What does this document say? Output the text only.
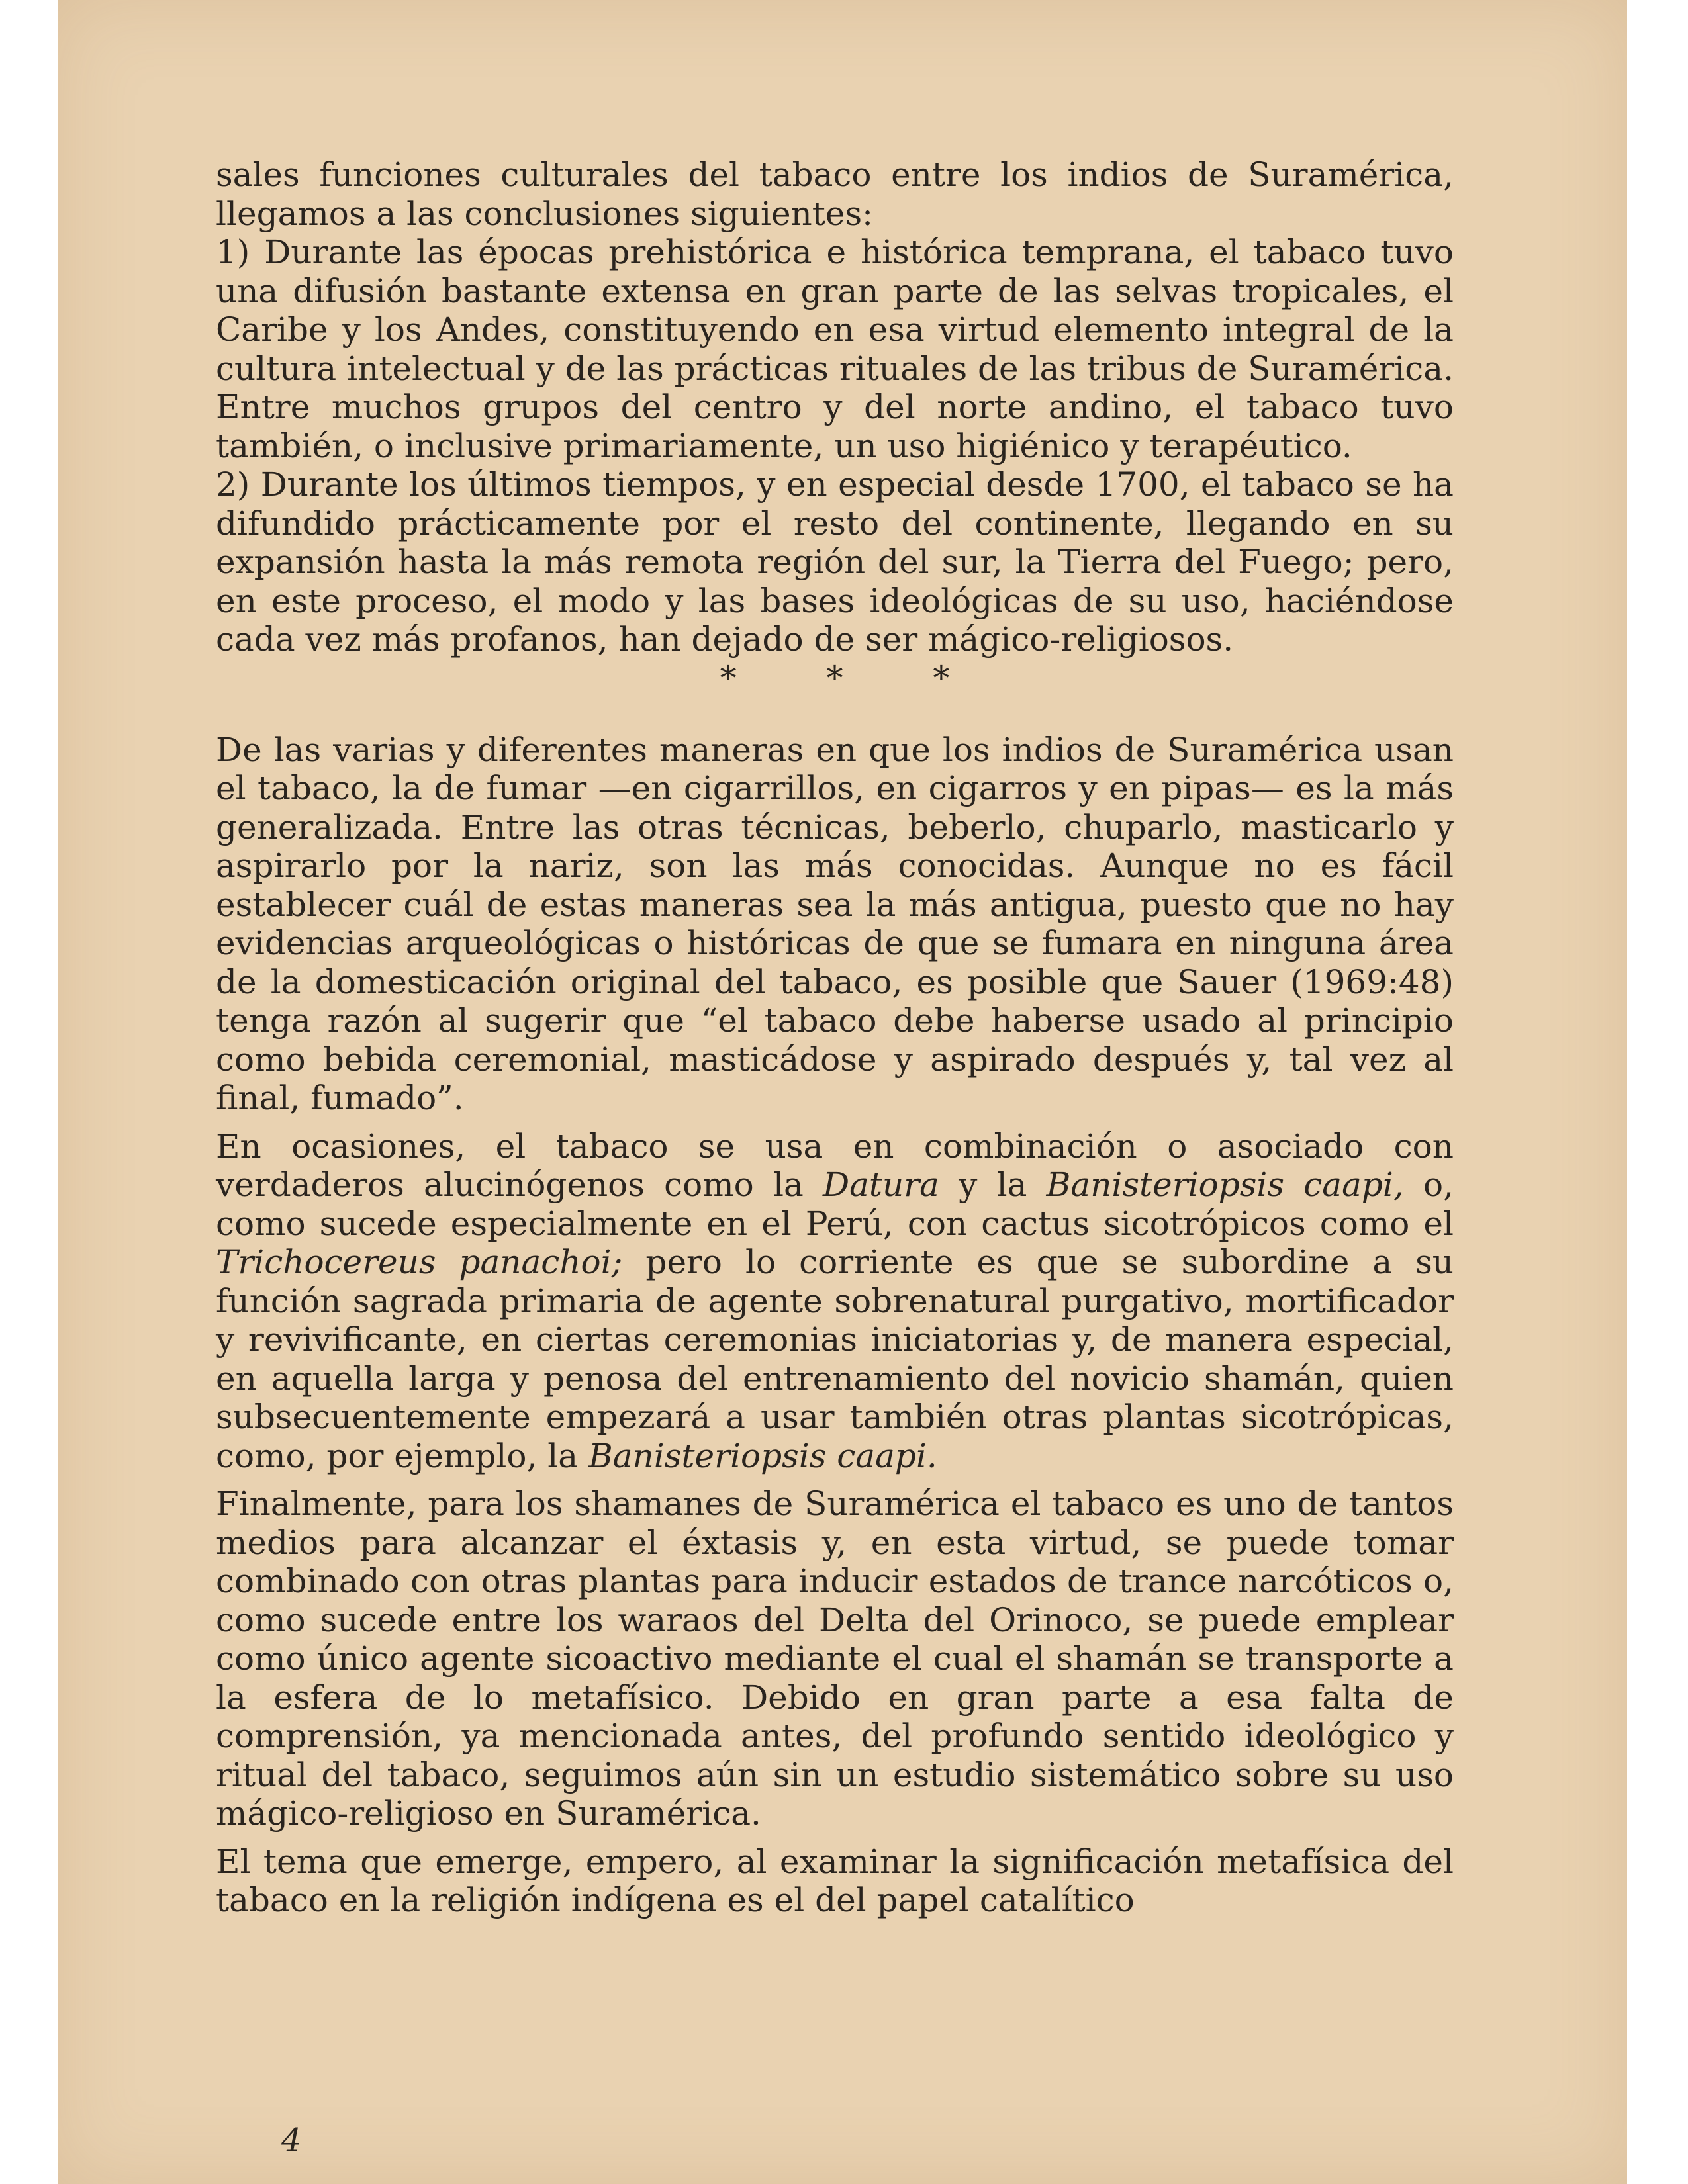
sales funciones culturales del tabaco entre los indios de Suramérica, llegamos a las conclusiones siguientes:

1) Durante las épocas prehistórica e histórica temprana, el tabaco tuvo una difusión bastante extensa en gran parte de las selvas tropicales, el Caribe y los Andes, constituyendo en esa virtud elemento integral de la cultura intelectual y de las prácticas rituales de las tribus de Suramérica. Entre muchos grupos del centro y del norte andino, el tabaco tuvo también, o inclusive primariamente, un uso higiénico y terapéutico.

2) Durante los últimos tiempos, y en especial desde 1700, el tabaco se ha difundido prácticamente por el resto del continente, llegando en su expansión hasta la más remota región del sur, la Tierra del Fuego; pero, en este proceso, el modo y las bases ideológicas de su uso, haciéndose cada vez más profanos, han dejado de ser mágico-religiosos.

* * *

De las varias y diferentes maneras en que los indios de Suramérica usan el tabaco, la de fumar —en cigarrillos, en cigarros y en pipas— es la más generalizada. Entre las otras técnicas, beberlo, chuparlo, masticarlo y aspirarlo por la nariz, son las más conocidas. Aunque no es fácil establecer cuál de estas maneras sea la más antigua, puesto que no hay evidencias arqueológicas o históricas de que se fumara en ninguna área de la domesticación original del tabaco, es posible que Sauer (1969:48) tenga razón al sugerir que “el tabaco debe haberse usado al principio como bebida ceremonial, masticádose y aspirado después y, tal vez al final, fumado”.

En ocasiones, el tabaco se usa en combinación o asociado con verdaderos alucinógenos como la Datura y la Banisteriopsis caapi, o, como sucede especialmente en el Perú, con cactus sicotrópicos como el Trichocereus panachoi; pero lo corriente es que se subordine a su función sagrada primaria de agente sobrenatural purgativo, mortificador y revivificante, en ciertas ceremonias iniciatorias y, de manera especial, en aquella larga y penosa del entrenamiento del novicio shamán, quien subsecuentemente empezará a usar también otras plantas sicotrópicas, como, por ejemplo, la Banisteriopsis caapi.

Finalmente, para los shamanes de Suramérica el tabaco es uno de tantos medios para alcanzar el éxtasis y, en esta virtud, se puede tomar combinado con otras plantas para inducir estados de trance narcóticos o, como sucede entre los waraos del Delta del Orinoco, se puede emplear como único agente sicoactivo mediante el cual el shamán se transporte a la esfera de lo metafísico. Debido en gran parte a esa falta de comprensión, ya mencionada antes, del profundo sentido ideológico y ritual del tabaco, seguimos aún sin un estudio sistemático sobre su uso mágico-religioso en Suramérica.

El tema que emerge, empero, al examinar la significación metafísica del tabaco en la religión indígena es el del papel catalítico

4
